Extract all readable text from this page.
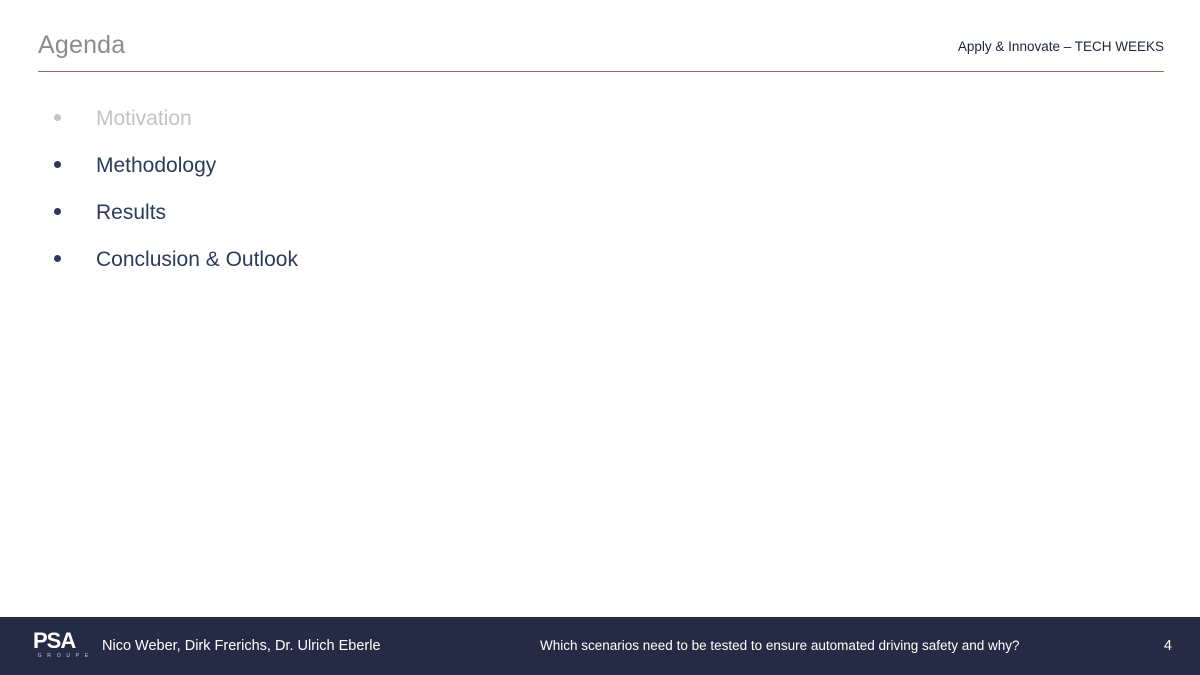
Agenda	Apply & Innovate – TECH WEEKS
Motivation
Methodology
Results
Conclusion & Outlook
PSA
G R O U P E
Nico Weber, Dirk Frerichs, Dr. Ulrich Eberle	Which scenarios need to be tested to ensure automated driving safety and why?	4
